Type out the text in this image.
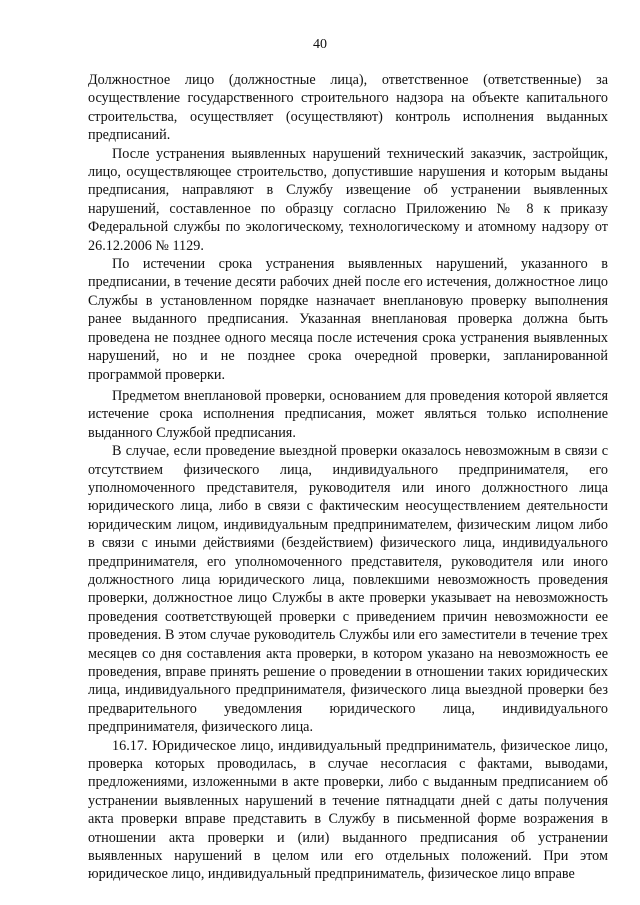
40

Должностное лицо (должностные лица), ответственное (ответственные) за осуществление государственного строительного надзора на объекте капитального строительства, осуществляет (осуществляют) контроль исполнения выданных предписаний.

После устранения выявленных нарушений технический заказчик, застройщик, лицо, осуществляющее строительство, допустившие нарушения и которым выданы предписания, направляют в Службу извещение об устранении выявленных нарушений, составленное по образцу согласно Приложению № 8 к приказу Федеральной службы по экологическому, технологическому и атомному надзору от 26.12.2006 № 1129.

По истечении срока устранения выявленных нарушений, указанного в предписании, в течение десяти рабочих дней после его истечения, должностное лицо Службы в установленном порядке назначает внеплановую проверку выполнения ранее выданного предписания. Указанная внеплановая проверка должна быть проведена не позднее одного месяца после истечения срока устранения выявленных нарушений, но и не позднее срока очередной проверки, запланированной программой проверки.

Предметом внеплановой проверки, основанием для проведения которой является истечение срока исполнения предписания, может являться только исполнение выданного Службой предписания.

В случае, если проведение выездной проверки оказалось невозможным в связи с отсутствием физического лица, индивидуального предпринимателя, его уполномоченного представителя, руководителя или иного должностного лица юридического лица, либо в связи с фактическим неосуществлением деятельности юридическим лицом, индивидуальным предпринимателем, физическим лицом либо в связи с иными действиями (бездействием) физического лица, индивидуального предпринимателя, его уполномоченного представителя, руководителя или иного должностного лица юридического лица, повлекшими невозможность проведения проверки, должностное лицо Службы в акте проверки указывает на невозможность проведения соответствующей проверки с приведением причин невозможности ее проведения. В этом случае руководитель Службы или его заместители в течение трех месяцев со дня составления акта проверки, в котором указано на невозможность ее проведения, вправе принять решение о проведении в отношении таких юридических лица, индивидуального предпринимателя, физического лица выездной проверки без предварительного уведомления юридического лица, индивидуального предпринимателя, физического лица.

16.17. Юридическое лицо, индивидуальный предприниматель, физическое лицо, проверка которых проводилась, в случае несогласия с фактами, выводами, предложениями, изложенными в акте проверки, либо с выданным предписанием об устранении выявленных нарушений в течение пятнадцати дней с даты получения акта проверки вправе представить в Службу в письменной форме возражения в отношении акта проверки и (или) выданного предписания об устранении выявленных нарушений в целом или его отдельных положений. При этом юридическое лицо, индивидуальный предприниматель, физическое лицо вправе
